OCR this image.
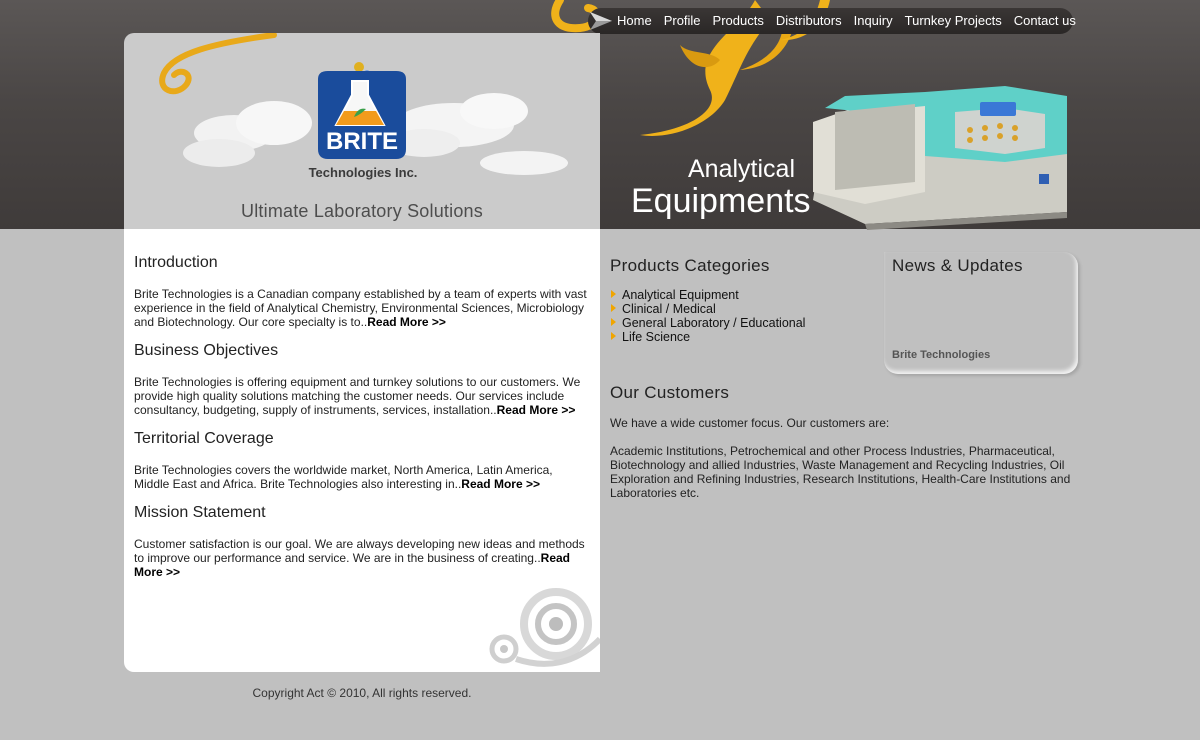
Home Profile Products Distributors Inquiry Turnkey Projects Contact us
BRITE
Technologies Inc.
Ultimate Laboratory Solutions
Analytical
Equipments
Introduction
Brite Technologies is a Canadian company established by a team of experts with vast experience in the field of Analytical Chemistry, Environmental Sciences, Microbiology and Biotechnology. Our core specialty is to..Read More >>
Business Objectives
Brite Technologies is offering equipment and turnkey solutions to our customers. We provide high quality solutions matching the customer needs. Our services include consultancy, budgeting, supply of instruments, services, installation..Read More >>
Territorial Coverage
Brite Technologies covers the worldwide market, North America, Latin America, Middle East and Africa. Brite Technologies also interesting in..Read More >>
Mission Statement
Customer satisfaction is our goal. We are always developing new ideas and methods to improve our performance and service. We are in the business of creating..Read More >>
Copyright Act © 2010, All rights reserved.
Products Categories
Analytical Equipment
Clinical / Medical
General Laboratory / Educational
Life Science
News & Updates
Brite Technologies
Our Customers
We have a wide customer focus. Our customers are:
Academic Institutions, Petrochemical and other Process Industries, Pharmaceutical, Biotechnology and allied Industries, Waste Management and Recycling Industries, Oil Exploration and Refining Industries, Research Institutions, Health-Care Institutions and Laboratories etc.
